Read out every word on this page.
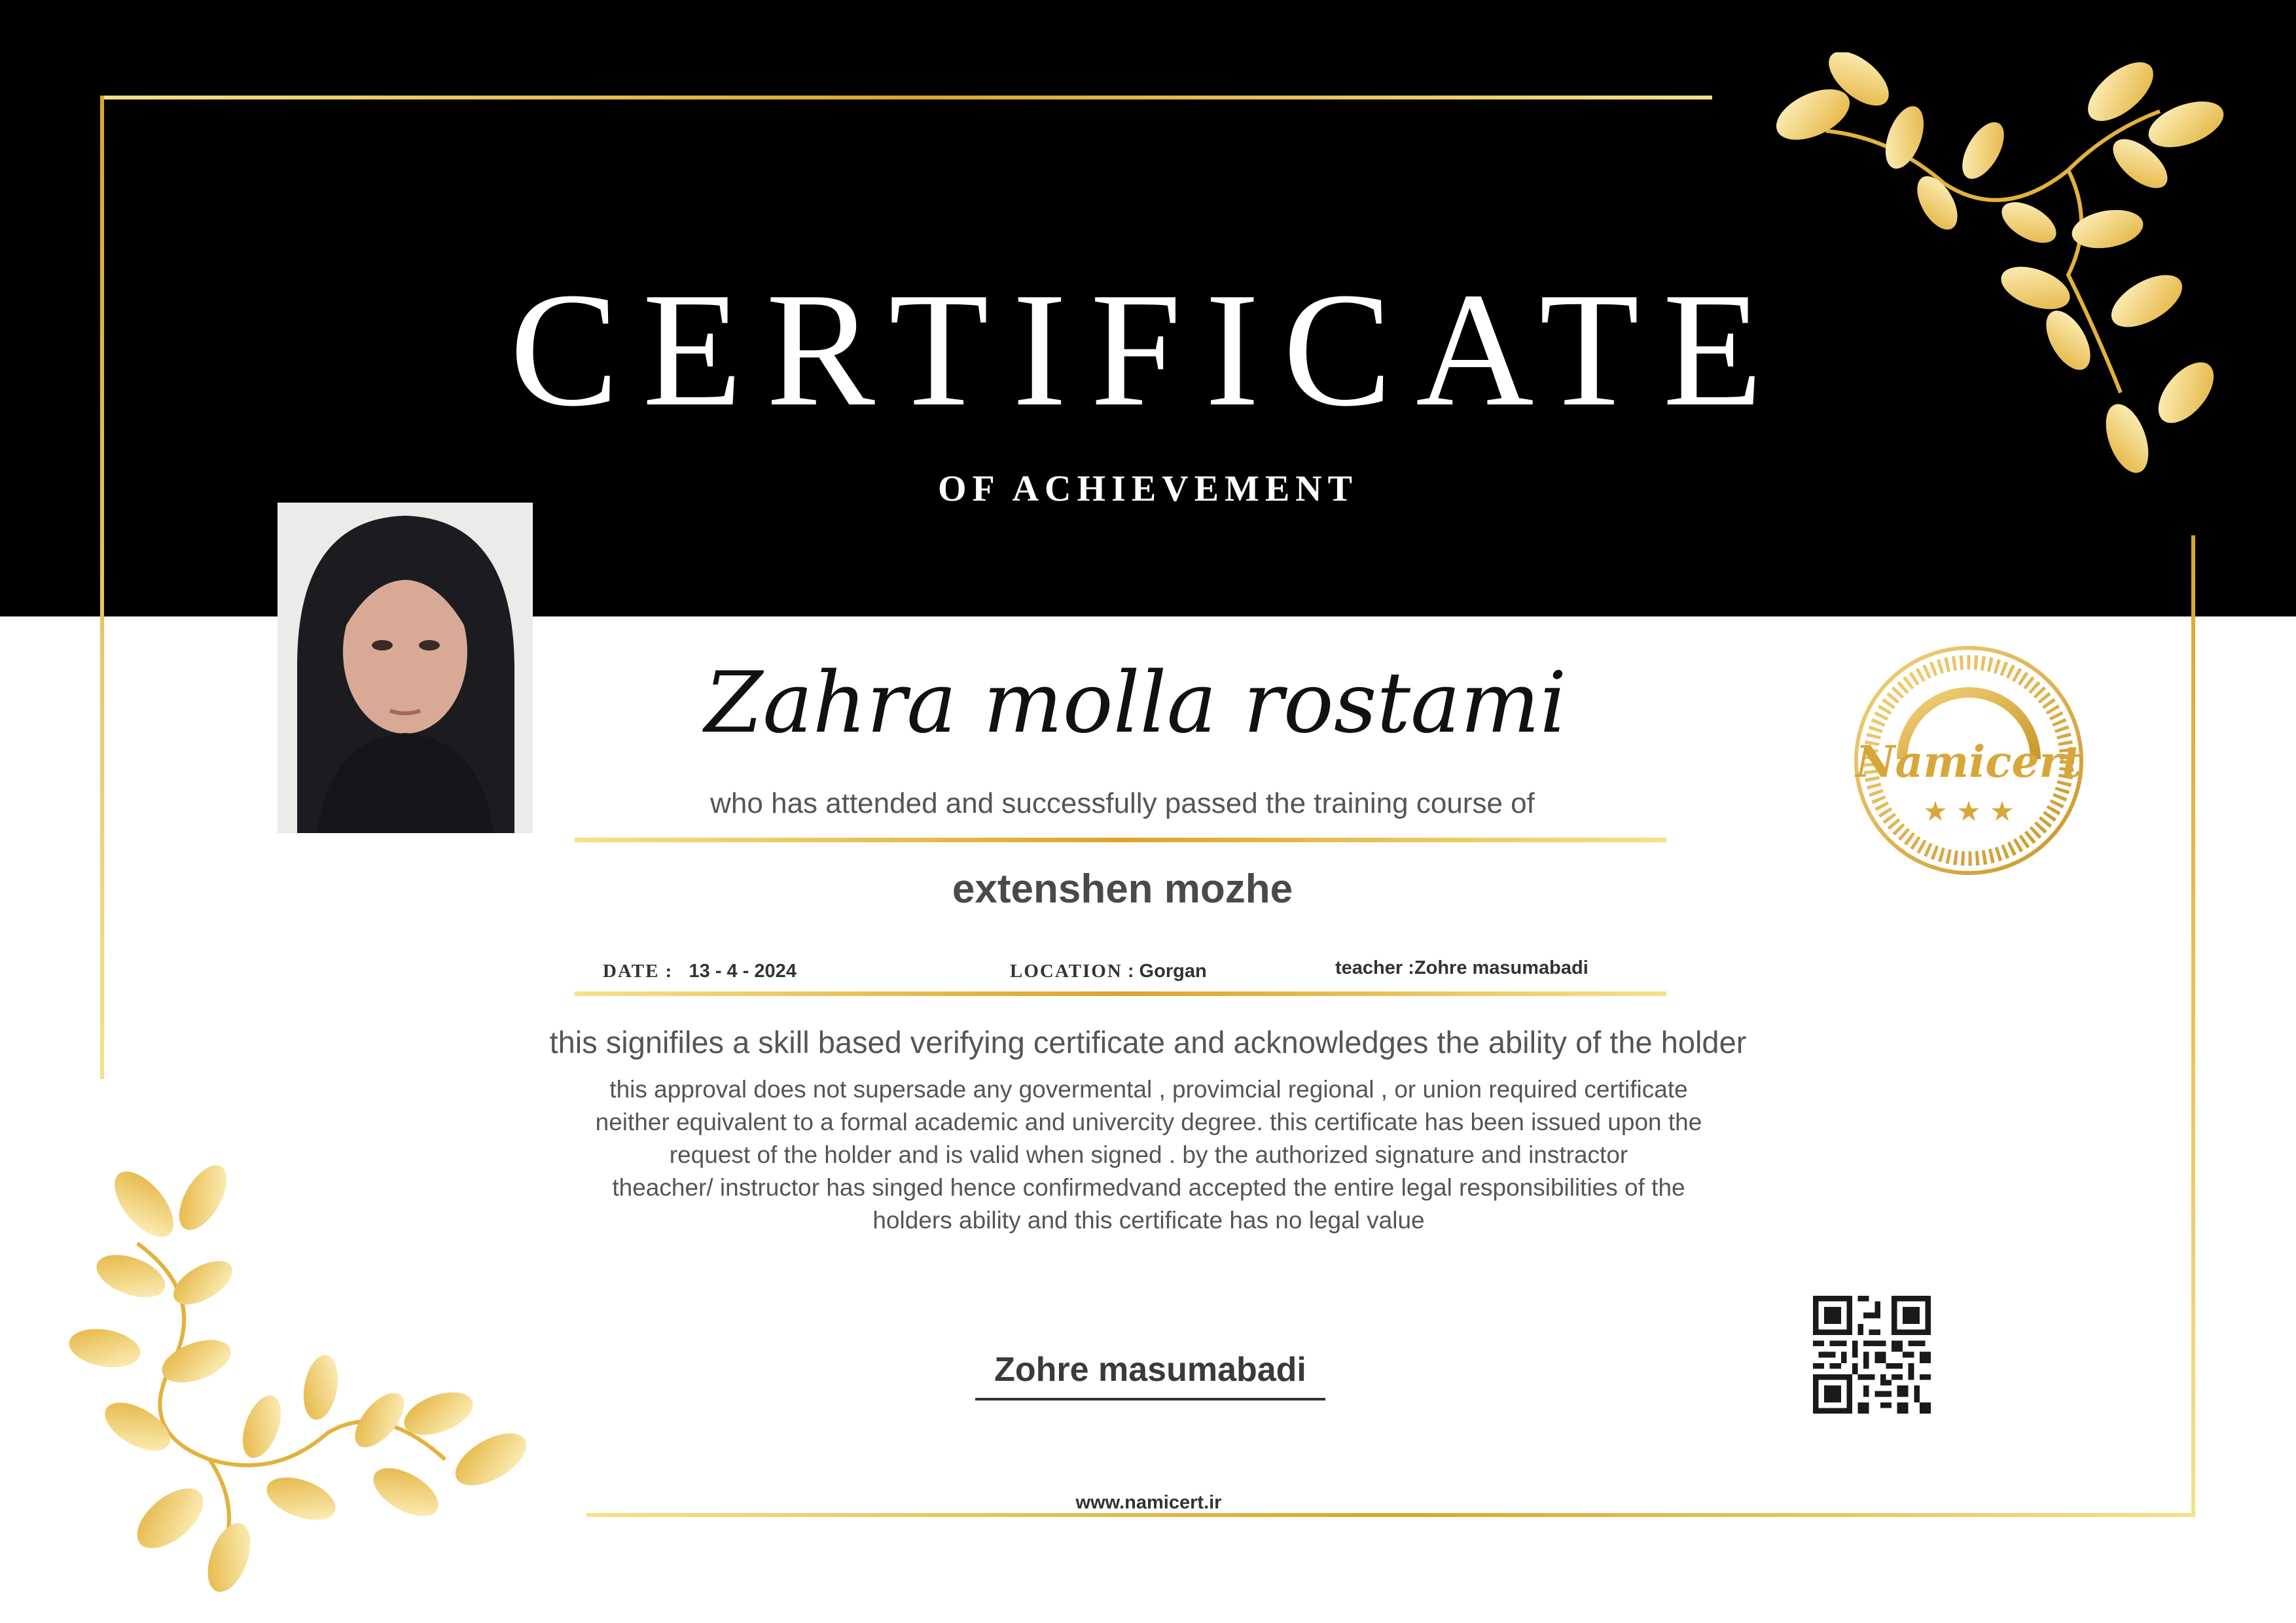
CERTIFICATE
OF ACHIEVEMENT
Zahra molla rostami
who has attended and successfully passed the training course of
extenshen mozhe
DATE : 13 - 4 - 2024	LOCATION : Gorgan	teacher :Zohre masumabadi
this signifiles a skill based verifying certificate and acknowledges the ability of the holder
this approval does not supersade any govermental , provimcial regional , or union required certificate
neither equivalent to a formal academic and univercity degree. this certificate has been issued upon the
request of the holder and is valid when signed . by the authorized signature and instractor
theacher/ instructor has singed hence confirmedvand accepted the entire legal responsibilities of the
holders ability and this certificate has no legal value
Zohre masumabadi
www.namicert.ir
Namicert
★ ★ ★
